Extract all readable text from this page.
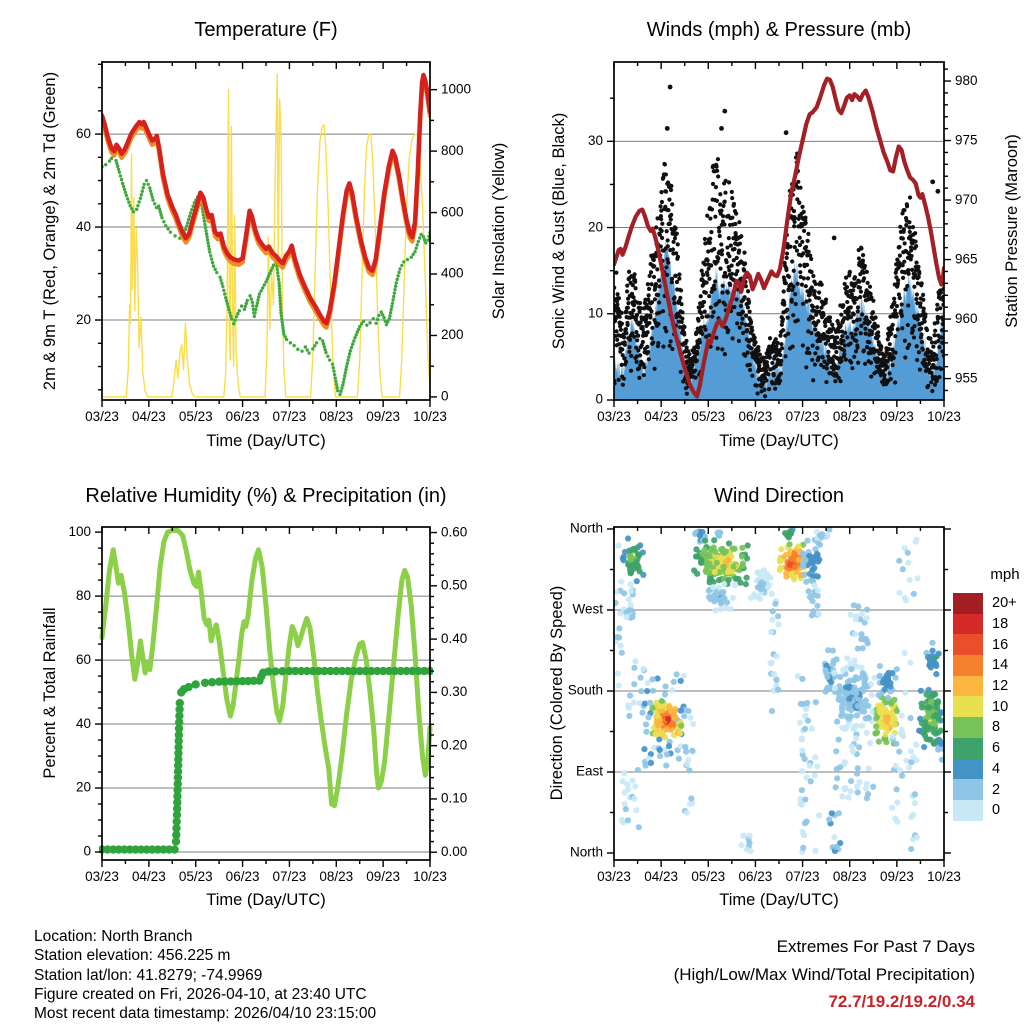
Temperature (F)	Winds (mph) & Pressure (mb)
Relative Humidity (%) & Precipitation (in)	Wind Direction
2m & 9m T (Red, Orange) & 2m Td (Green)	Solar Insolation (Yellow)	Sonic Wind & Gust (Blue, Black)	Station Pressure (Maroon)
Percent & Total Rainfall	Direction (Colored By Speed)
Time (Day/UTC)	Time (Day/UTC)
Time (Day/UTC)	Time (Day/UTC)
mph
20+
18
16
14
12
10
8
6
4
2
0
Location: North Branch
Station elevation: 456.225 m
Station lat/lon: 41.8279; -74.9969
Figure created on Fri, 2026-04-10, at 23:40 UTC
Most recent data timestamp: 2026/04/10 23:15:00
Extremes For Past 7 Days
(High/Low/Max Wind/Total Precipitation)
72.7/19.2/19.2/0.34
